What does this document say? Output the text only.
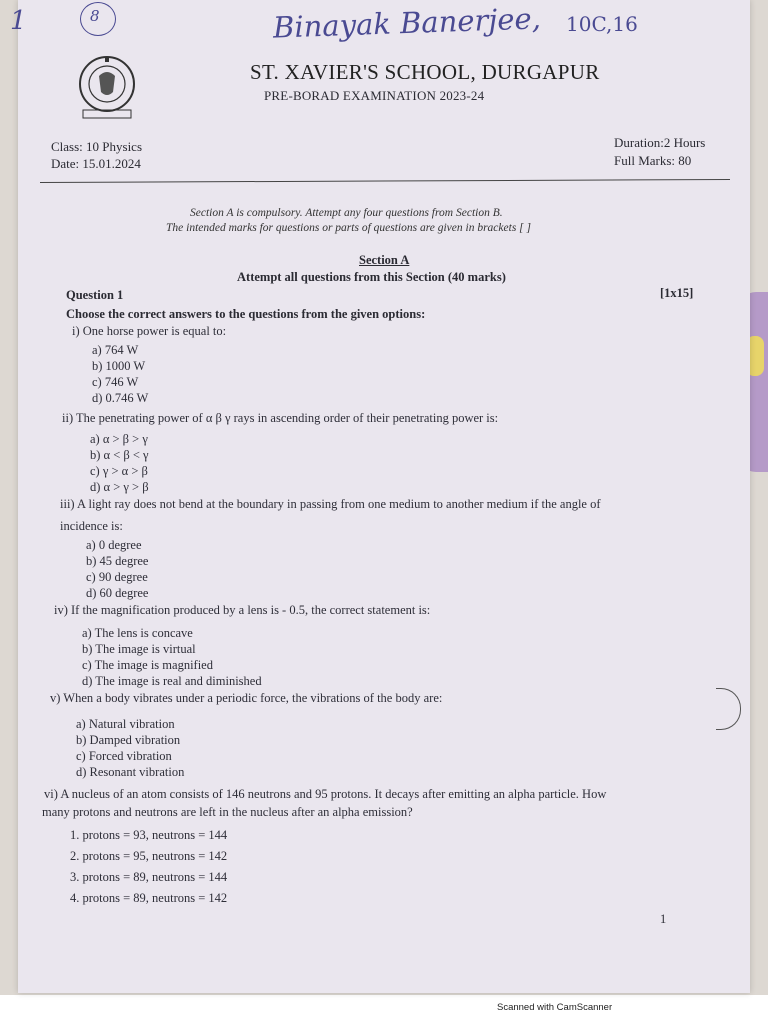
1	8	Binayak Banerjee, 10C,16
ST. XAVIER'S SCHOOL, DURGAPUR
PRE-BORAD EXAMINATION 2023-24
Class: 10 Physics
Date: 15.01.2024
Duration:2 Hours
Full Marks: 80
Section A is compulsory. Attempt any four questions from Section B.
The intended marks for questions or parts of questions are given in brackets [ ]
Section A
Attempt all questions from this Section (40 marks)
Question 1	[1x15]
Choose the correct answers to the questions from the given options:
i) One horse power is equal to:
a) 764 W
b) 1000 W
c) 746 W
d) 0.746 W
ii) The penetrating power of α β γ rays in ascending order of their penetrating power is:
a) α > β > γ
b) α < β < γ
c) γ > α > β
d) α > γ > β
iii) A light ray does not bend at the boundary in passing from one medium to another medium if the angle of
incidence is:
a) 0 degree
b) 45 degree
c) 90 degree
d) 60 degree
iv) If the magnification produced by a lens is - 0.5, the correct statement is:
a) The lens is concave
b) The image is virtual
c) The image is magnified
d) The image is real and diminished
v) When a body vibrates under a periodic force, the vibrations of the body are:
a) Natural vibration
b) Damped vibration
c) Forced vibration
d) Resonant vibration
vi) A nucleus of an atom consists of 146 neutrons and 95 protons. It decays after emitting an alpha particle. How
many protons and neutrons are left in the nucleus after an alpha emission?
1. protons = 93, neutrons = 144
2. protons = 95, neutrons = 142
3. protons = 89, neutrons = 144
4. protons = 89, neutrons = 142
1
Scanned with CamScanner
